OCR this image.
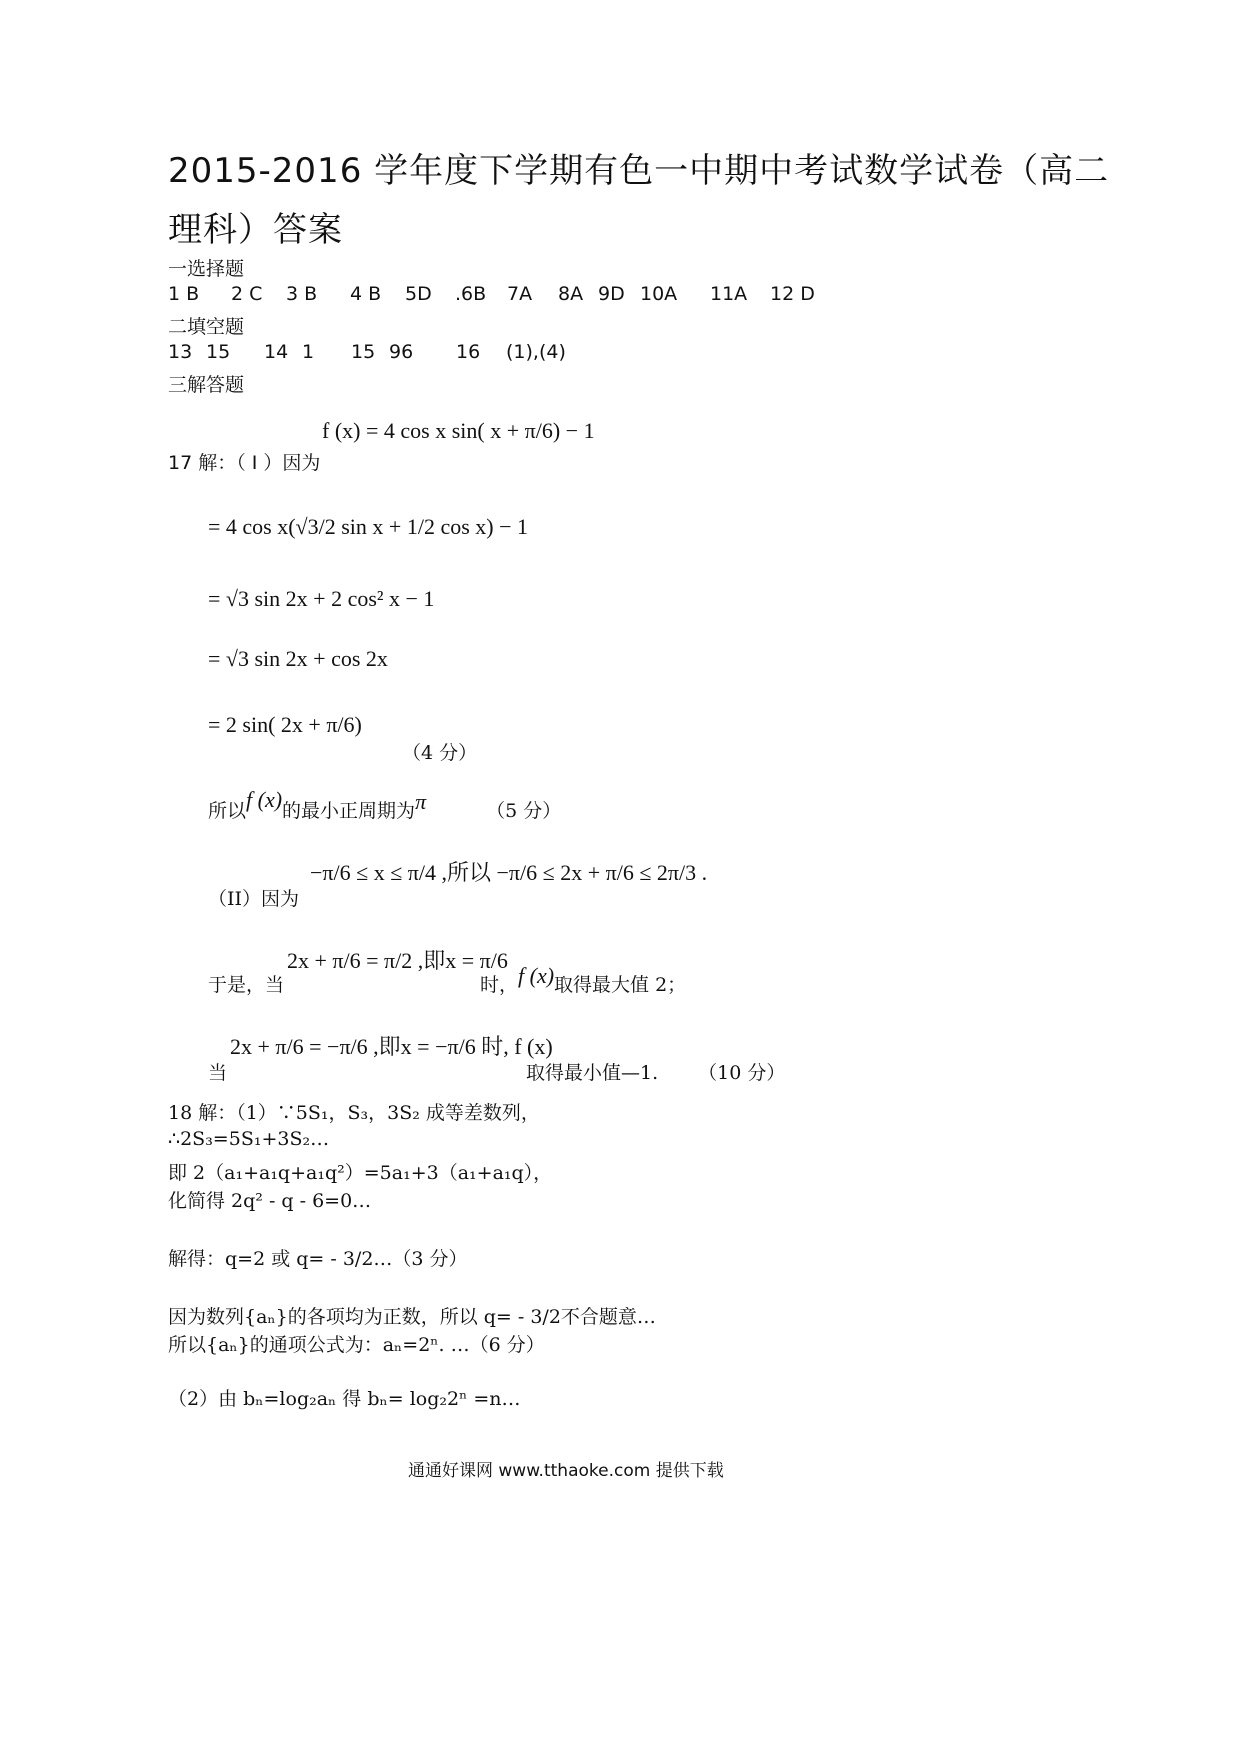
2015-2016 学年度下学期有色一中期中考试数学试卷（高二
理科）答案
一选择题
1 B 2 C 3 B 4 B 5D .6B 7A 8A 9D 10A 11A 12 D
二填空题
13 15 14 1 15 96 16 (1),(4)
三解答题
17 解：（ I ）因为
f (x) = 4 cos x sin( x + π/6) − 1
= 4 cos x(√3/2 sin x + 1/2 cos x) − 1
= √3 sin 2x + 2 cos² x − 1
= √3 sin 2x + cos 2x
= 2 sin( 2x + π/6)
（4 分）
所以f (x)的最小正周期为π	（5 分）
（II）因为
−π/6 ≤ x ≤ π/4 ,所以 −π/6 ≤ 2x + π/6 ≤ 2π/3 .
于是，当
2x + π/6 = π/2 ,即x = π/6
时，f (x)取得最大值 2；
当
2x + π/6 = −π/6 ,即x = −π/6 时, f (x)
取得最小值—1. （10 分）
18 解：（1）∵5S₁，S₃，3S₂ 成等差数列，
∴2S₃=5S₁+3S₂…
即 2（a₁+a₁q+a₁q²）=5a₁+3（a₁+a₁q），
化简得 2q² - q - 6=0…
解得：q=2 或 q= - 3/2…（3 分）
因为数列{aₙ}的各项均为正数，所以 q= - 3/2不合题意…
所以{aₙ}的通项公式为：aₙ=2ⁿ. …（6 分）
（2）由 bₙ=log₂aₙ 得 bₙ= log₂2ⁿ =n…
通通好课网 www.tthaoke.com 提供下载
